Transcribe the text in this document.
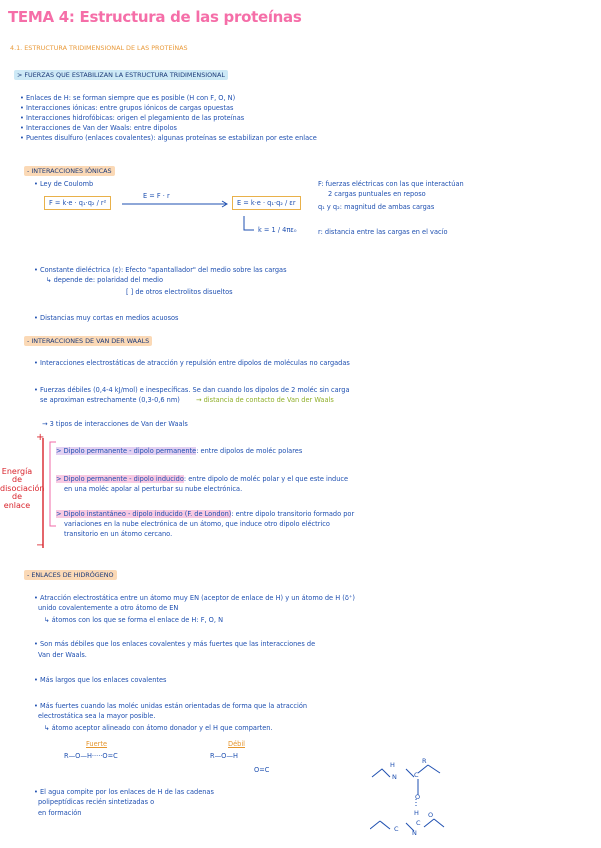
TEMA 4: Estructura de las proteínas
4.1. ESTRUCTURA TRIDIMENSIONAL DE LAS PROTEÍNAS
> FUERZAS QUE ESTABILIZAN LA ESTRUCTURA TRIDIMENSIONAL
• Enlaces de H: se forman siempre que es posible (H con F, O, N)
• Interacciones iónicas: entre grupos iónicos de cargas opuestas
• Interacciones hidrofóbicas: origen el plegamiento de las proteínas
• Interacciones de Van der Waals: entre dipolos
• Puentes disulfuro (enlaces covalentes): algunas proteínas se estabilizan por este enlace
- INTERACCIONES IÓNICAS
• Ley de Coulomb
F = k·e · q₁·q₂ / r²
E = F · r
E = k·e · q₁·q₂ / εr
k = 1 / 4πε₀
F: fuerzas eléctricas con las que interactúan
2 cargas puntuales en reposo
q₁ y q₂: magnitud de ambas cargas
r: distancia entre las cargas en el vacío
• Constante dieléctrica (ε): Efecto "apantallador" del medio sobre las cargas
↳ depende de: polaridad del medio
[ ] de otros electrolitos disueltos
• Distancias muy cortas en medios acuosos
- INTERACCIONES DE VAN DER WAALS
• Interacciones electrostáticas de atracción y repulsión entre dipolos de moléculas no cargadas
• Fuerzas débiles (0,4-4 kJ/mol) e inespecíficas. Se dan cuando los dipolos de 2 moléc sin carga
se aproximan estrechamente (0,3-0,6 nm) → distancia de contacto de Van der Waals
→ 3 tipos de interacciones de Van der Waals
Energía de disociación de enlace
+
−
> Dipolo permanente - dipolo permanente: entre dipolos de moléc polares
> Dipolo permanente - dipolo inducido: entre dipolo de moléc polar y el que este induce
en una moléc apolar al perturbar su nube electrónica.
> Dipolo instantáneo - dipolo inducido (F. de London): entre dipolo transitorio formado por
variaciones en la nube electrónica de un átomo, que induce otro dipolo eléctrico
transitorio en un átomo cercano.
- ENLACES DE HIDRÓGENO
• Atracción electrostática entre un átomo muy EN (aceptor de enlace de H) y un átomo de H (δ⁺)
unido covalentemente a otro átomo de EN
↳ átomos con los que se forma el enlace de H: F, O, N
• Son más débiles que los enlaces covalentes y más fuertes que las interacciones de
Van der Waals.
• Más largos que los enlaces covalentes
• Más fuertes cuando las moléc unidas están orientadas de forma que la atracción
electrostática sea la mayor posible.
↳ átomo aceptor alineado con átomo donador y el H que comparten.
Fuerte
R—O—H·····O=C
Débil
R—O—H
O=C
• El agua compite por los enlaces de H de las cadenas
polipeptídicas recién sintetizadas o
en formación
H
N	C
R
O
H
C N
O
C
